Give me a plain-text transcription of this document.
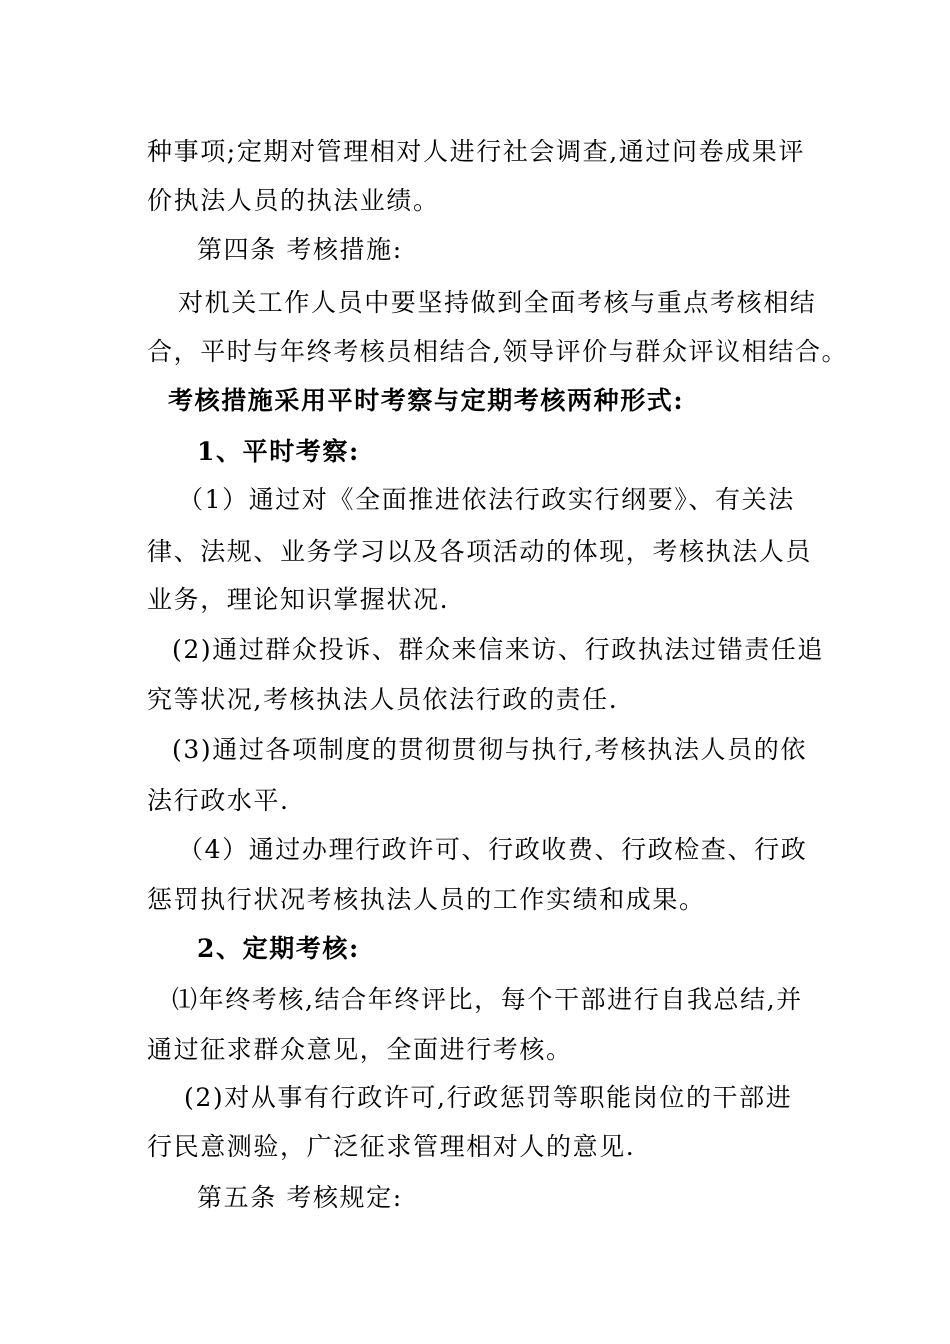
种事项;定期对管理相对人进行社会调查,通过问卷成果评
价执法人员的执法业绩。
第四条 考核措施:
对机关工作人员中要坚持做到全面考核与重点考核相结
合，平时与年终考核员相结合,领导评价与群众评议相结合。
考核措施采用平时考察与定期考核两种形式:
1、平时考察:
（1）通过对《全面推进依法行政实行纲要》、有关法
律、法规、业务学习以及各项活动的体现，考核执法人员
业务，理论知识掌握状况.
(2)通过群众投诉、群众来信来访、行政执法过错责任追
究等状况,考核执法人员依法行政的责任.
(3)通过各项制度的贯彻贯彻与执行,考核执法人员的依
法行政水平.
（4）通过办理行政许可、行政收费、行政检查、行政
惩罚执行状况考核执法人员的工作实绩和成果。
2、定期考核:
⑴年终考核,结合年终评比，每个干部进行自我总结,并
通过征求群众意见，全面进行考核。
(2)对从事有行政许可,行政惩罚等职能岗位的干部进
行民意测验，广泛征求管理相对人的意见.
第五条 考核规定:
